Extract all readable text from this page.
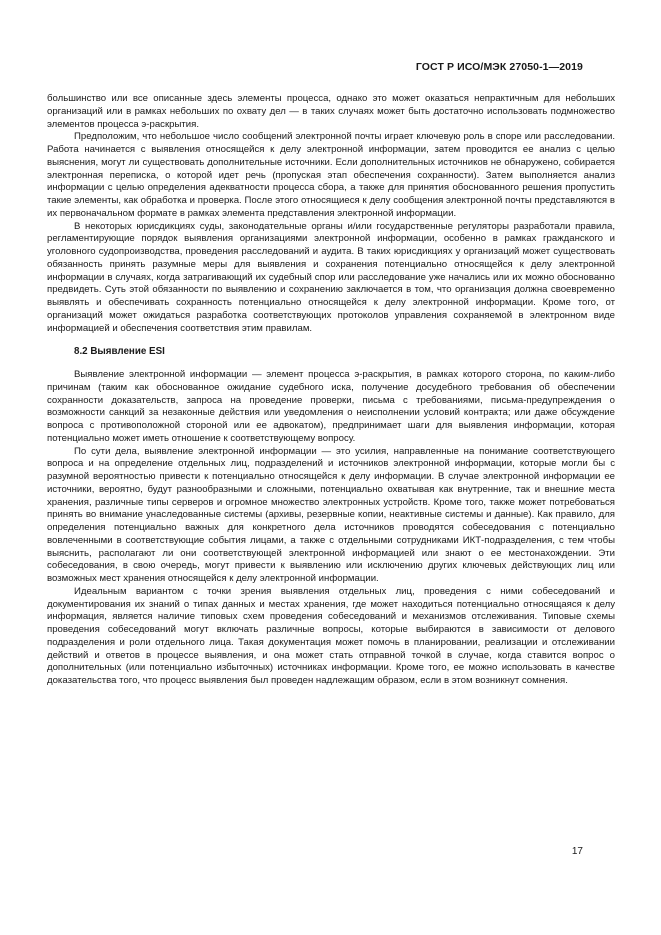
ГОСТ Р ИСО/МЭК 27050-1—2019

большинство или все описанные здесь элементы процесса, однако это может оказаться непрактичным для небольших организаций или в рамках небольших по охвату дел — в таких случаях может быть достаточно использовать подмножество элементов процесса э-раскрытия.

Предположим, что небольшое число сообщений электронной почты играет ключевую роль в споре или расследовании. Работа начинается с выявления относящейся к делу электронной информации, затем проводится ее анализ с целью выяснения, могут ли существовать дополнительные источники. Если дополнительных источников не обнаружено, собирается электронная переписка, о которой идет речь (пропуская этап обеспечения сохранности). Затем выполняется анализ информации с целью определения адекватности процесса сбора, а также для принятия обоснованного решения пропустить такие элементы, как обработка и проверка. После этого относящиеся к делу сообщения электронной почты представляются в их первоначальном формате в рамках элемента представления электронной информации.

В некоторых юрисдикциях суды, законодательные органы и/или государственные регуляторы разработали правила, регламентирующие порядок выявления организациями электронной информации, особенно в рамках гражданского и уголовного судопроизводства, проведения расследований и аудита. В таких юрисдикциях у организаций может существовать обязанность принять разумные меры для выявления и сохранения потенциально относящейся к делу электронной информации в случаях, когда затрагивающий их судебный спор или расследование уже начались или их можно обоснованно предвидеть. Суть этой обязанности по выявлению и сохранению заключается в том, что организация должна своевременно выявлять и обеспечивать сохранность потенциально относящейся к делу электронной информации. Кроме того, от организаций может ожидаться разработка соответствующих протоколов управления сохраняемой в электронном виде информацией и обеспечения соответствия этим правилам.

8.2 Выявление ESI

Выявление электронной информации — элемент процесса э-раскрытия, в рамках которого сторона, по каким-либо причинам (таким как обоснованное ожидание судебного иска, получение досудебного требования об обеспечении сохранности доказательств, запроса на проведение проверки, письма с требованиями, письма-предупреждения о возможности санкций за незаконные действия или уведомления о неисполнении условий контракта; или даже обсуждение вопроса с противоположной стороной или ее адвокатом), предпринимает шаги для выявления информации, которая потенциально может иметь отношение к соответствующему вопросу.

По сути дела, выявление электронной информации — это усилия, направленные на понимание соответствующего вопроса и на определение отдельных лиц, подразделений и источников электронной информации, которые могли бы с разумной вероятностью привести к потенциально относящейся к делу информации. В случае электронной информации ее источники, вероятно, будут разнообразными и сложными, потенциально охватывая как внутренние, так и внешние места хранения, различные типы серверов и огромное множество электронных устройств. Кроме того, также может потребоваться принять во внимание унаследованные системы (архивы, резервные копии, неактивные системы и данные). Как правило, для определения потенциально важных для конкретного дела источников проводятся собеседования с потенциально вовлеченными в соответствующие события лицами, а также с отдельными сотрудниками ИКТ-подразделения, с тем чтобы выяснить, располагают ли они соответствующей электронной информацией или знают о ее местонахождении. Эти собеседования, в свою очередь, могут привести к выявлению или исключению других ключевых действующих лиц или возможных мест хранения относящейся к делу электронной информации.

Идеальным вариантом с точки зрения выявления отдельных лиц, проведения с ними собеседований и документирования их знаний о типах данных и местах хранения, где может находиться потенциально относящаяся к делу информация, является наличие типовых схем проведения собеседований и механизмов отслеживания. Типовые схемы проведения собеседований могут включать различные вопросы, которые выбираются в зависимости от делового подразделения и роли отдельного лица. Такая документация может помочь в планировании, реализации и отслеживании действий и ответов в процессе выявления, и она может стать отправной точкой в случае, когда ставится вопрос о дополнительных (или потенциально избыточных) источниках информации. Кроме того, ее можно использовать в качестве доказательства того, что процесс выявления был проведен надлежащим образом, если в этом возникнут сомнения.

17
